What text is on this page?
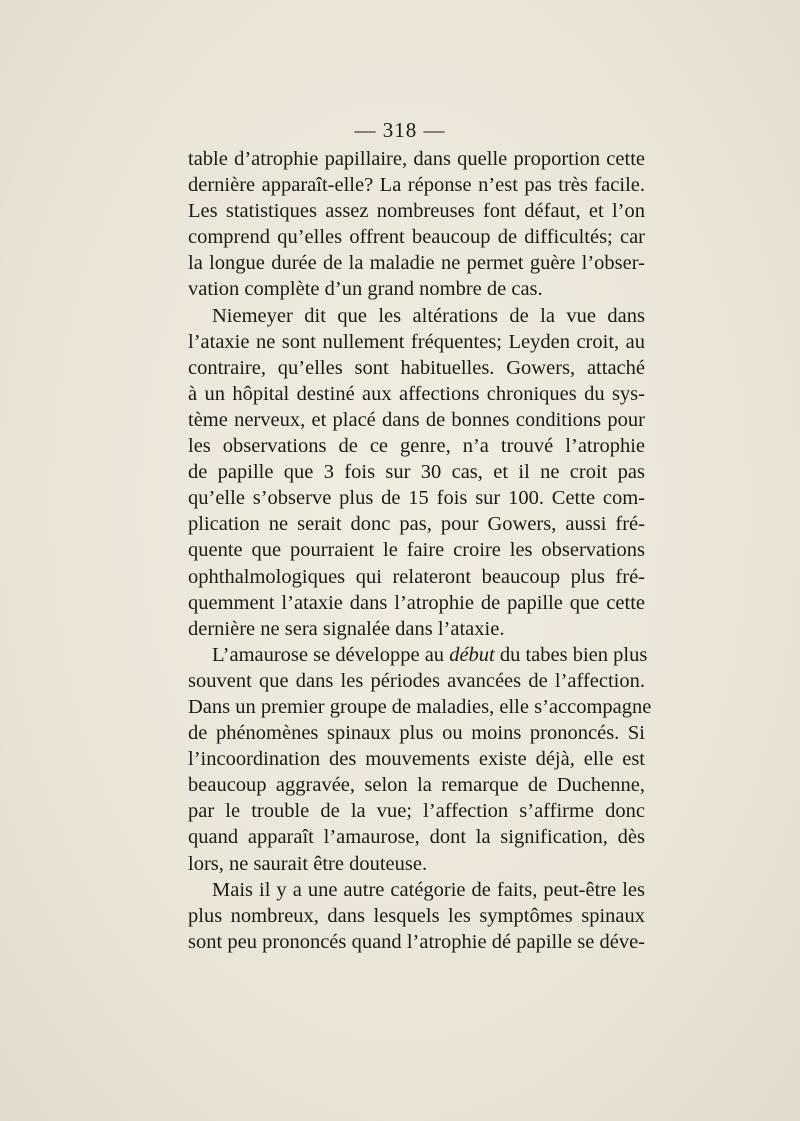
— 318 —
table d’atrophie papillaire, dans quelle proportion cette
dernière apparaît-elle? La réponse n’est pas très facile.
Les statistiques assez nombreuses font défaut, et l’on
comprend qu’elles offrent beaucoup de difficultés; car
la longue durée de la maladie ne permet guère l’obser-
vation complète d’un grand nombre de cas.
Niemeyer dit que les altérations de la vue dans
l’ataxie ne sont nullement fréquentes; Leyden croit, au
contraire, qu’elles sont habituelles. Gowers, attaché
à un hôpital destiné aux affections chroniques du sys-
tème nerveux, et placé dans de bonnes conditions pour
les observations de ce genre, n’a trouvé l’atrophie
de papille que 3 fois sur 30 cas, et il ne croit pas
qu’elle s’observe plus de 15 fois sur 100. Cette com-
plication ne serait donc pas, pour Gowers, aussi fré-
quente que pourraient le faire croire les observations
ophthalmologiques qui relateront beaucoup plus fré-
quemment l’ataxie dans l’atrophie de papille que cette
dernière ne sera signalée dans l’ataxie.
L’amaurose se développe au début du tabes bien plus
souvent que dans les périodes avancées de l’affection.
Dans un premier groupe de maladies, elle s’accompagne
de phénomènes spinaux plus ou moins prononcés. Si
l’incoordination des mouvements existe déjà, elle est
beaucoup aggravée, selon la remarque de Duchenne,
par le trouble de la vue; l’affection s’affirme donc
quand apparaît l’amaurose, dont la signification, dès
lors, ne saurait être douteuse.
Mais il y a une autre catégorie de faits, peut-être les
plus nombreux, dans lesquels les symptômes spinaux
sont peu prononcés quand l’atrophie dé papille se déve-
